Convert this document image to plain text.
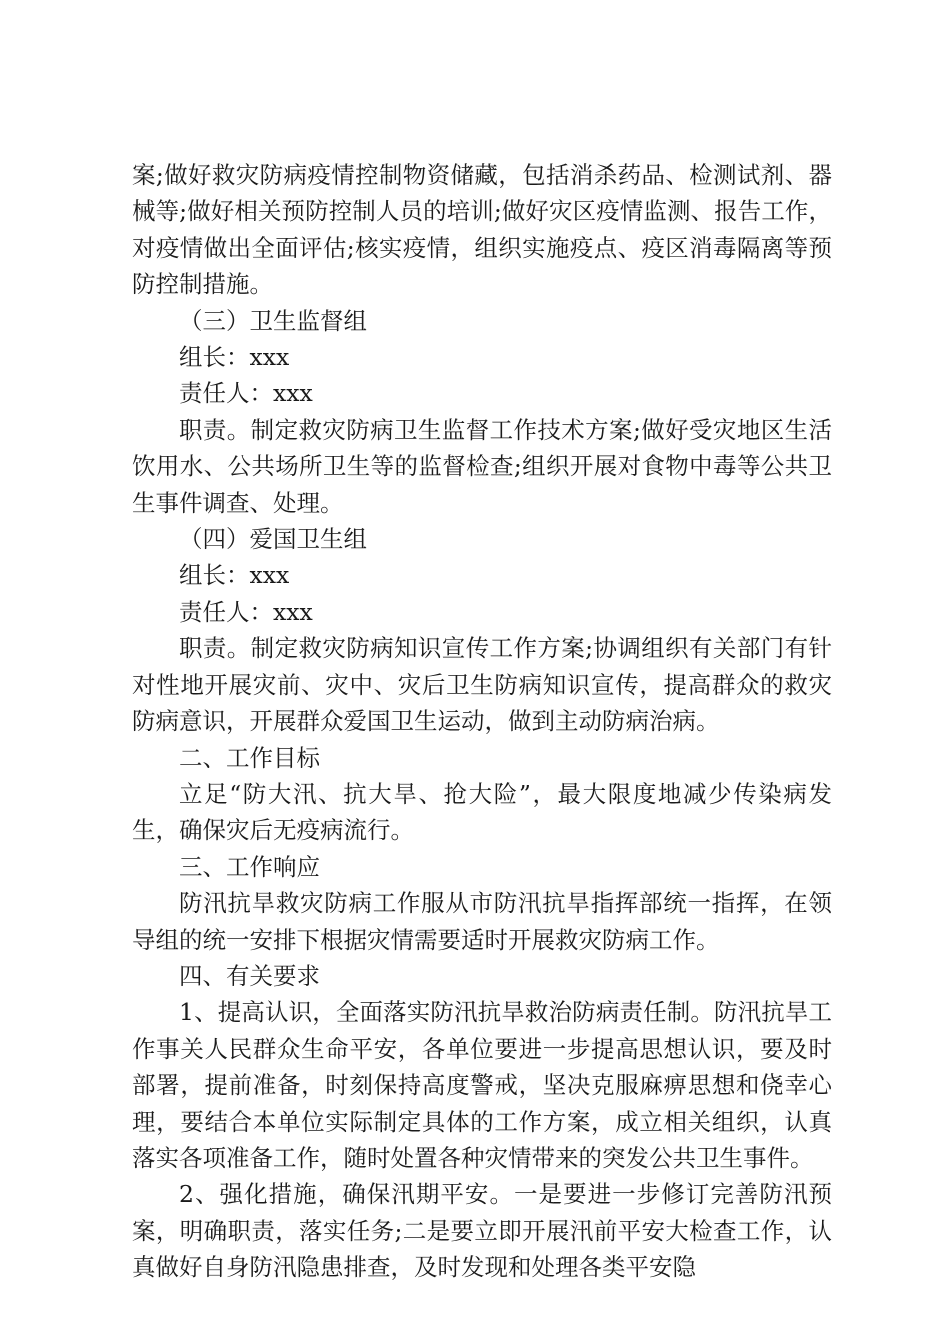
案;做好救灾防病疫情控制物资储藏，包括消杀药品、检测试剂、器械等;做好相关预防控制人员的培训;做好灾区疫情监测、报告工作，对疫情做出全面评估;核实疫情，组织实施疫点、疫区消毒隔离等预防控制措施。

（三）卫生监督组

组长：xxx

责任人：xxx

职责。制定救灾防病卫生监督工作技术方案;做好受灾地区生活饮用水、公共场所卫生等的监督检查;组织开展对食物中毒等公共卫生事件调查、处理。

（四）爱国卫生组

组长：xxx

责任人：xxx

职责。制定救灾防病知识宣传工作方案;协调组织有关部门有针对性地开展灾前、灾中、灾后卫生防病知识宣传，提高群众的救灾防病意识，开展群众爱国卫生运动，做到主动防病治病。

二、工作目标

立足“防大汛、抗大旱、抢大险”，最大限度地减少传染病发生，确保灾后无疫病流行。

三、工作响应

防汛抗旱救灾防病工作服从市防汛抗旱指挥部统一指挥，在领导组的统一安排下根据灾情需要适时开展救灾防病工作。

四、有关要求

1、提高认识，全面落实防汛抗旱救治防病责任制。防汛抗旱工作事关人民群众生命平安，各单位要进一步提高思想认识，要及时部署，提前准备，时刻保持高度警戒，坚决克服麻痹思想和侥幸心理，要结合本单位实际制定具体的工作方案，成立相关组织，认真落实各项准备工作，随时处置各种灾情带来的突发公共卫生事件。

2、强化措施，确保汛期平安。一是要进一步修订完善防汛预案，明确职责，落实任务;二是要立即开展汛前平安大检查工作，认真做好自身防汛隐患排查，及时发现和处理各类平安隐
